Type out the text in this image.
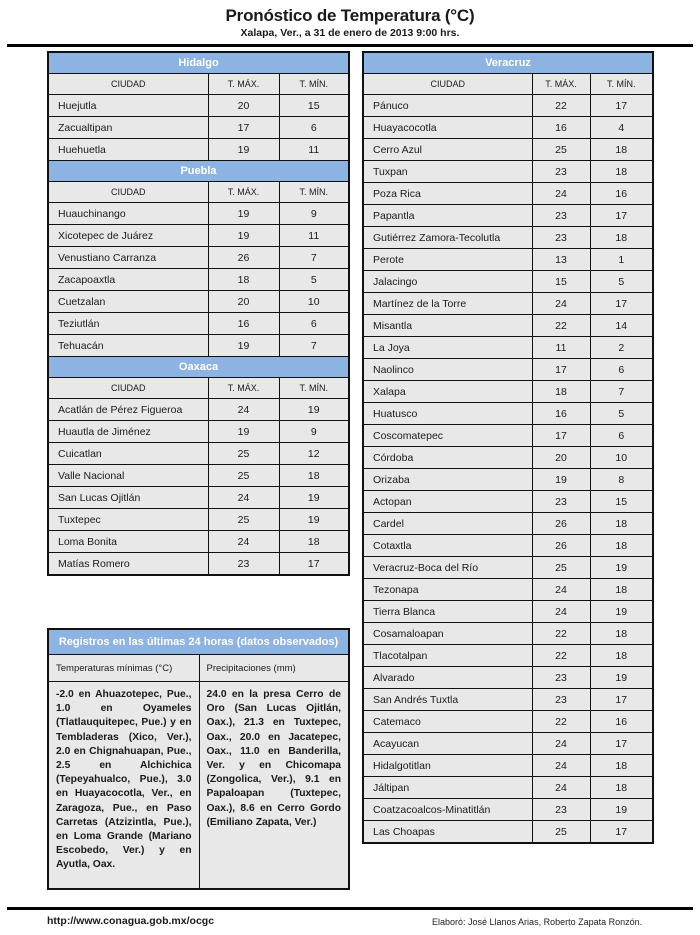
Pronóstico de Temperatura (°C)
Xalapa, Ver., a 31 de enero de 2013 9:00 hrs.
Hidalgo		
CIUDAD	T. MÁX.	T. MÍN.
Huejutla	20	15
Zacualtipan	17	6
Huehuetla	19	11
Puebla		
CIUDAD	T. MÁX.	T. MÍN.
Huauchinango	19	9
Xicotepec de Juárez	19	11
Venustiano Carranza	26	7
Zacapoaxtla	18	5
Cuetzalan	20	10
Teziutlán	16	6
Tehuacán	19	7
Oaxaca		
CIUDAD	T. MÁX.	T. MÍN.
Acatlán de Pérez Figueroa	24	19
Huautla de Jiménez	19	9
Cuicatlan	25	12
Valle Nacional	25	18
San Lucas Ojitlán	24	19
Tuxtepec	25	19
Loma Bonita	24	18
Matías Romero	23	17
Veracruz		
CIUDAD	T. MÁX.	T. MÍN.
Pánuco	22	17
Huayacocotla	16	4
Cerro Azul	25	18
Tuxpan	23	18
Poza Rica	24	16
Papantla	23	17
Gutiérrez Zamora-Tecolutla	23	18
Perote	13	1
Jalacingo	15	5
Martínez de la Torre	24	17
Misantla	22	14
La Joya	11	2
Naolinco	17	6
Xalapa	18	7
Huatusco	16	5
Coscomatepec	17	6
Córdoba	20	10
Orizaba	19	8
Actopan	23	15
Cardel	26	18
Cotaxtla	26	18
Veracruz-Boca del Río	25	19
Tezonapa	24	18
Tierra Blanca	24	19
Cosamaloapan	22	18
Tlacotalpan	22	18
Alvarado	23	19
San Andrés Tuxtla	23	17
Catemaco	22	16
Acayucan	24	17
Hidalgotitlan	24	18
Jáltipan	24	18
Coatzacoalcos-Minatitlán	23	19
Las Choapas	25	17
Registros en las últimas 24 horas (datos observados)	
Temperaturas mínimas (°C)	Precipitaciones (mm)
-2.0 en Ahuazotepec, Pue., 1.0 en Oyameles (Tlatlauquitepec, Pue.) y en Tembladeras (Xico, Ver.), 2.0 en Chignahuapan, Pue., 2.5 en Alchichica (Tepeyahualco, Pue.), 3.0 en Huayacocotla, Ver., en Zaragoza, Pue., en Paso Carretas (Atzizintla, Pue.), en Loma Grande (Mariano Escobedo, Ver.) y en Ayutla, Oax.	24.0 en la presa Cerro de Oro (San Lucas Ojitlán, Oax.), 21.3 en Tuxtepec, Oax., 20.0 en Jacatepec, Oax., 11.0 en Banderilla, Ver. y en Chicomapa (Zongolica, Ver.), 9.1 en Papaloapan (Tuxtepec, Oax.), 8.6 en Cerro Gordo (Emiliano Zapata, Ver.)
http://www.conagua.gob.mx/ocgc	Elaboró: José Llanos Arias, Roberto Zapata Ronzón.
